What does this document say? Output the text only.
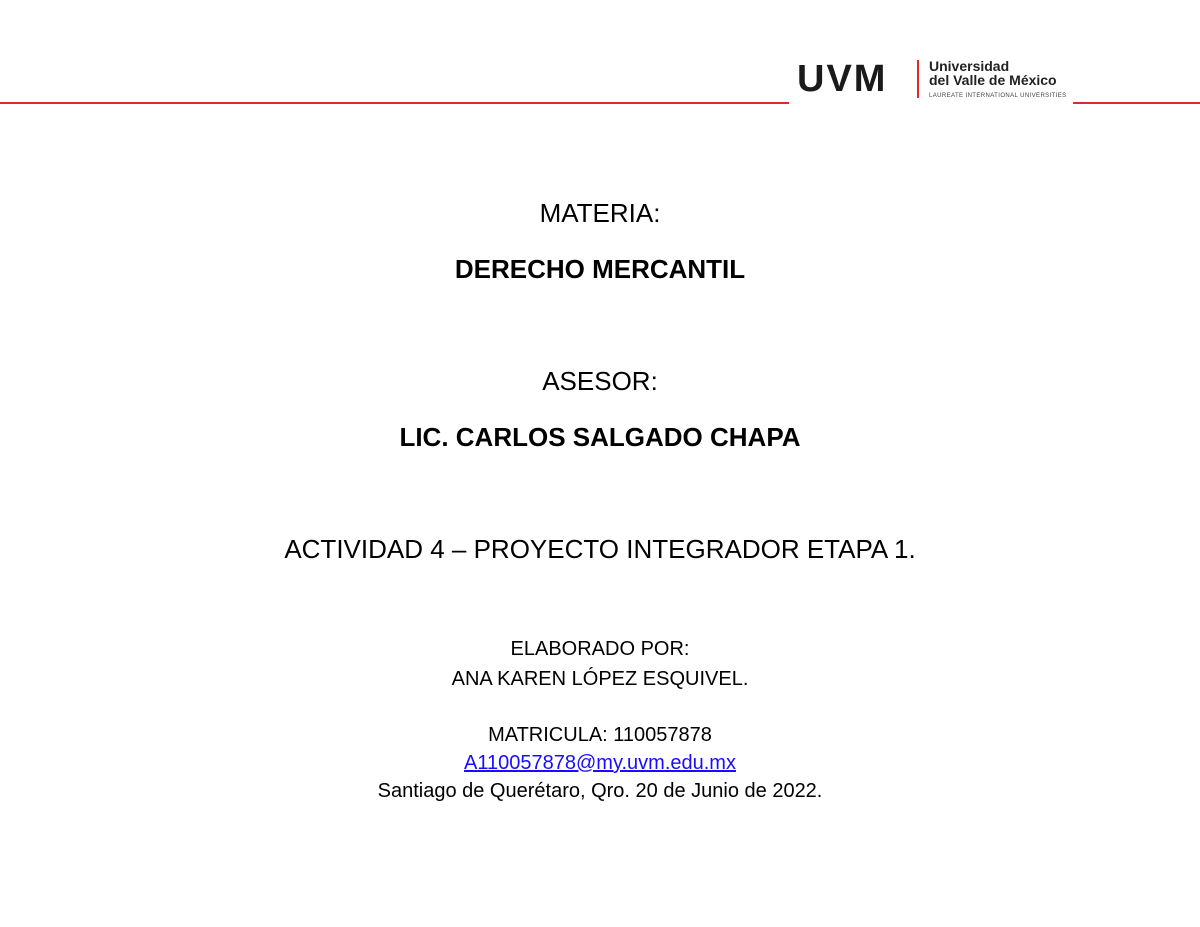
UVM	Universidad
del Valle de México
LAUREATE INTERNATIONAL UNIVERSITIES
MATERIA:
DERECHO MERCANTIL
ASESOR:
LIC. CARLOS SALGADO CHAPA
ACTIVIDAD 4 – PROYECTO INTEGRADOR ETAPA 1.
ELABORADO POR:
ANA KAREN LÓPEZ ESQUIVEL.
MATRICULA: 110057878
A110057878@my.uvm.edu.mx
Santiago de Querétaro, Qro. 20 de Junio de 2022.
